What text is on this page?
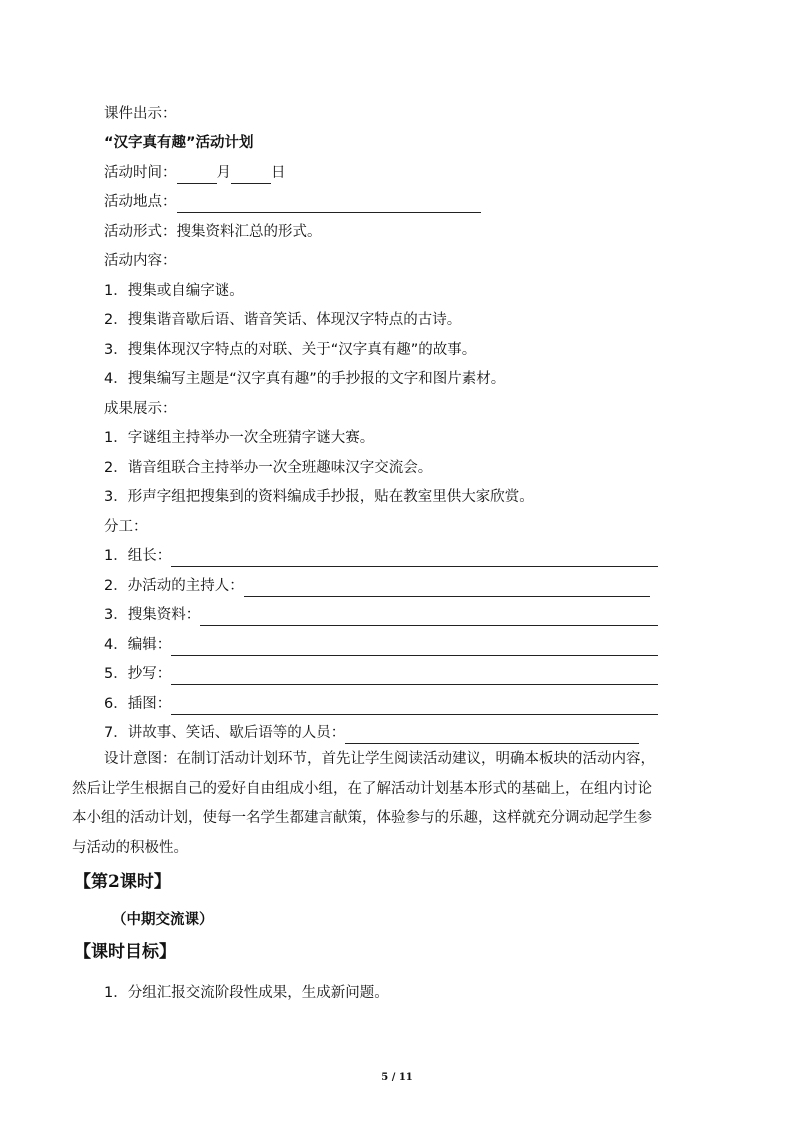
课件出示：
“汉字真有趣”活动计划
活动时间：	月	日
活动地点：
活动形式：搜集资料汇总的形式。
活动内容：
1．搜集或自编字谜。
2．搜集谐音歇后语、谐音笑话、体现汉字特点的古诗。
3．搜集体现汉字特点的对联、关于“汉字真有趣”的故事。
4．搜集编写主题是“汉字真有趣”的手抄报的文字和图片素材。
成果展示：
1．字谜组主持举办一次全班猜字谜大赛。
2．谐音组联合主持举办一次全班趣味汉字交流会。
3．形声字组把搜集到的资料编成手抄报，贴在教室里供大家欣赏。
分工：
1．组长：
2．办活动的主持人：
3．搜集资料：
4．编辑：
5．抄写：
6．插图：
7．讲故事、笑话、歇后语等的人员：
设计意图：在制订活动计划环节，首先让学生阅读活动建议，明确本板块的活动内容，
然后让学生根据自己的爱好自由组成小组，在了解活动计划基本形式的基础上，在组内讨论
本小组的活动计划，使每一名学生都建言献策，体验参与的乐趣，这样就充分调动起学生参
与活动的积极性。
【第2课时】
（中期交流课）
【课时目标】
1．分组汇报交流阶段性成果，生成新问题。
5 / 11
